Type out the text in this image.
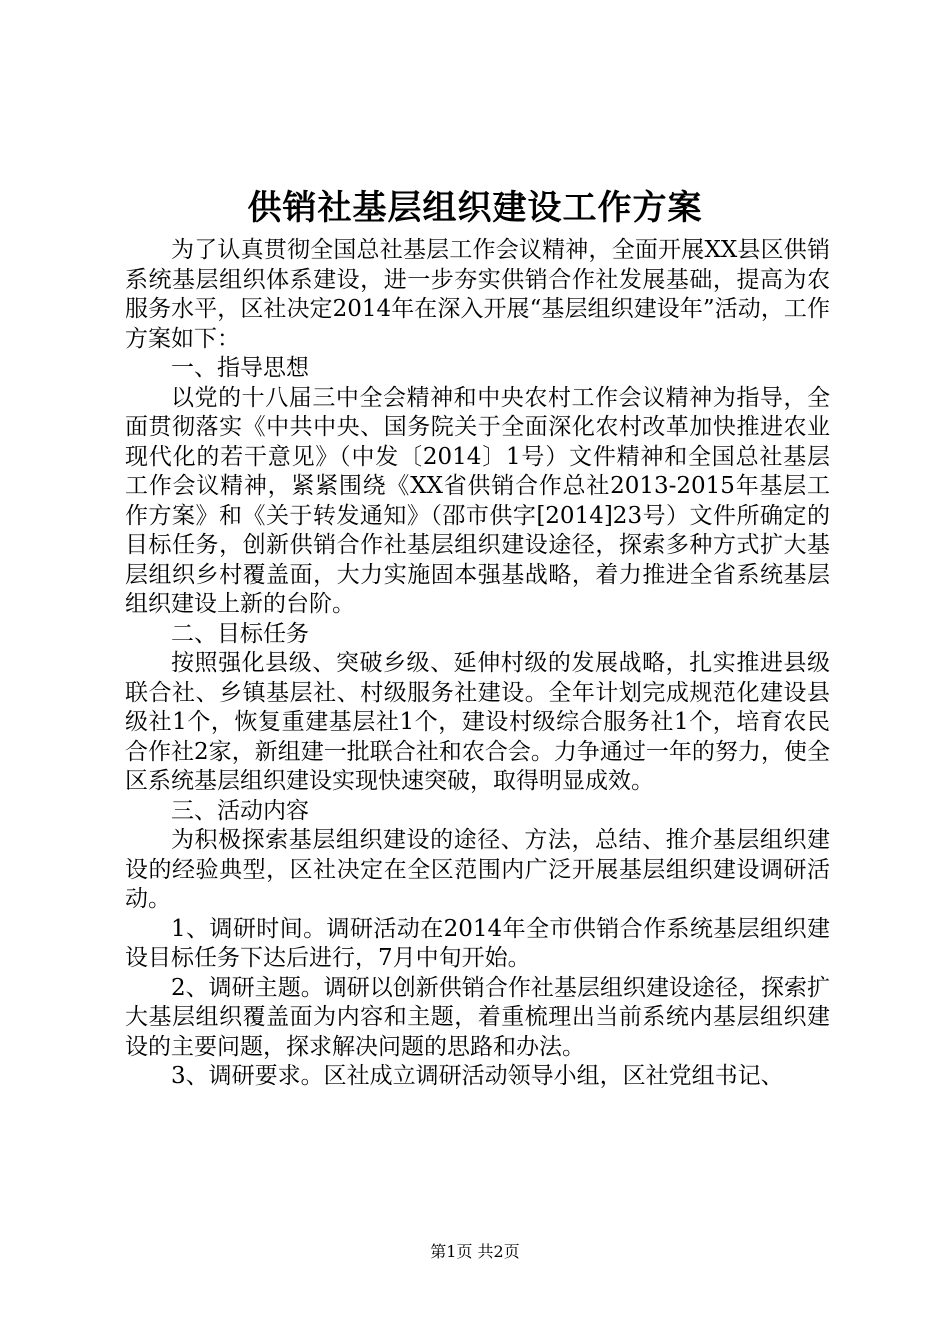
供销社基层组织建设工作方案

为了认真贯彻全国总社基层工作会议精神，全面开展XX县区供销系统基层组织体系建设，进一步夯实供销合作社发展基础，提高为农服务水平，区社决定2014年在深入开展“基层组织建设年”活动，工作方案如下：

一、指导思想

以党的十八届三中全会精神和中央农村工作会议精神为指导，全面贯彻落实《中共中央、国务院关于全面深化农村改革加快推进农业现代化的若干意见》（中发〔2014〕1号）文件精神和全国总社基层工作会议精神，紧紧围绕《XX省供销合作总社2013-2015年基层工作方案》和《关于转发通知》（邵市供字[2014]23号）文件所确定的目标任务，创新供销合作社基层组织建设途径，探索多种方式扩大基层组织乡村覆盖面，大力实施固本强基战略，着力推进全省系统基层组织建设上新的台阶。

二、目标任务

按照强化县级、突破乡级、延伸村级的发展战略，扎实推进县级联合社、乡镇基层社、村级服务社建设。全年计划完成规范化建设县级社1个，恢复重建基层社1个，建设村级综合服务社1个，培育农民合作社2家，新组建一批联合社和农合会。力争通过一年的努力，使全区系统基层组织建设实现快速突破，取得明显成效。

三、活动内容

为积极探索基层组织建设的途径、方法，总结、推介基层组织建设的经验典型，区社决定在全区范围内广泛开展基层组织建设调研活动。

1、调研时间。调研活动在2014年全市供销合作系统基层组织建设目标任务下达后进行，7月中旬开始。

2、调研主题。调研以创新供销合作社基层组织建设途径，探索扩大基层组织覆盖面为内容和主题，着重梳理出当前系统内基层组织建设的主要问题，探求解决问题的思路和办法。

3、调研要求。区社成立调研活动领导小组，区社党组书记、

第1页 共2页
